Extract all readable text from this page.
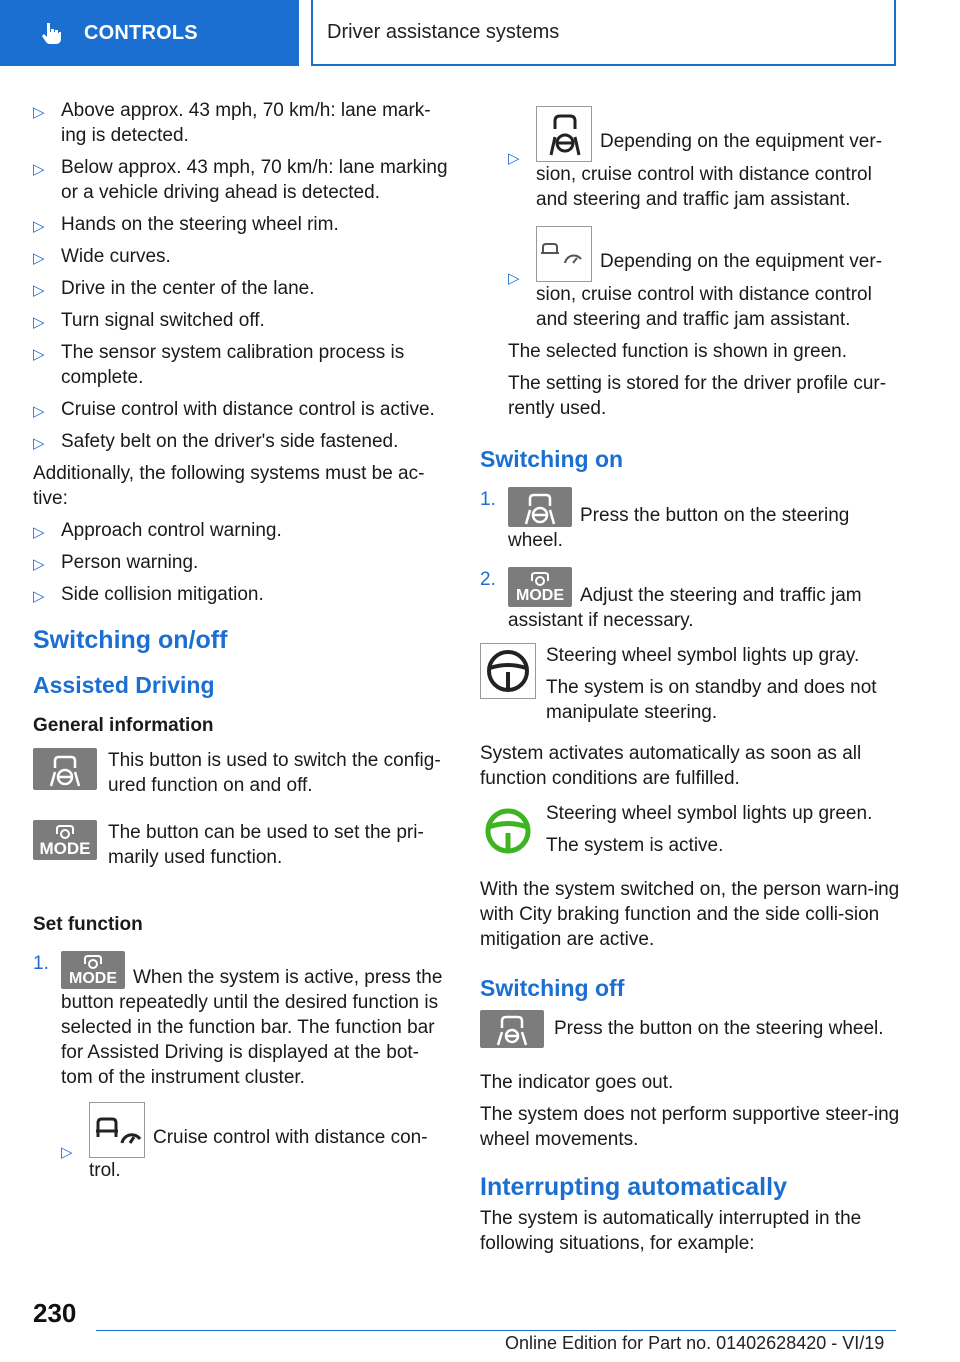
CONTROLS	Driver assistance systems
▷ Above approx. 43 mph, 70 km/h: lane mark-ing is detected.
▷ Below approx. 43 mph, 70 km/h: lane marking or a vehicle driving ahead is detected.
▷ Hands on the steering wheel rim.
▷ Wide curves.
▷ Drive in the center of the lane.
▷ Turn signal switched off.
▷ The sensor system calibration process is complete.
▷ Cruise control with distance control is active.
▷ Safety belt on the driver's side fastened.
Additionally, the following systems must be ac-tive:
▷ Approach control warning.
▷ Person warning.
▷ Side collision mitigation.
Switching on/off
Assisted Driving
General information
This button is used to switch the config-ured function on and off.
MODE
The button can be used to set the pri-marily used function.
Set function
1.
MODE When the system is active, press the button repeatedly until the desired function is selected in the function bar. The function bar for Assisted Driving is displayed at the bot-tom of the instrument cluster.
▷
Cruise control with distance con-trol.
▷
Depending on the equipment ver-sion, cruise control with distance control and steering and traffic jam assistant.
▷
Depending on the equipment ver-sion, cruise control with distance control and steering and traffic jam assistant.
The selected function is shown in green.
The setting is stored for the driver profile cur-rently used.
Switching on
1.
Press the button on the steering wheel.
2.
MODE Adjust the steering and traffic jam assistant if necessary.
Steering wheel symbol lights up gray.
The system is on standby and does not manipulate steering.
System activates automatically as soon as all function conditions are fulfilled.
Steering wheel symbol lights up green.
The system is active.
With the system switched on, the person warn-ing with City braking function and the side colli-sion mitigation are active.
Switching off
Press the button on the steering wheel.
The indicator goes out.
The system does not perform supportive steer-ing wheel movements.
Interrupting automatically
The system is automatically interrupted in the following situations, for example:
230
Online Edition for Part no. 01402628420 - VI/19
